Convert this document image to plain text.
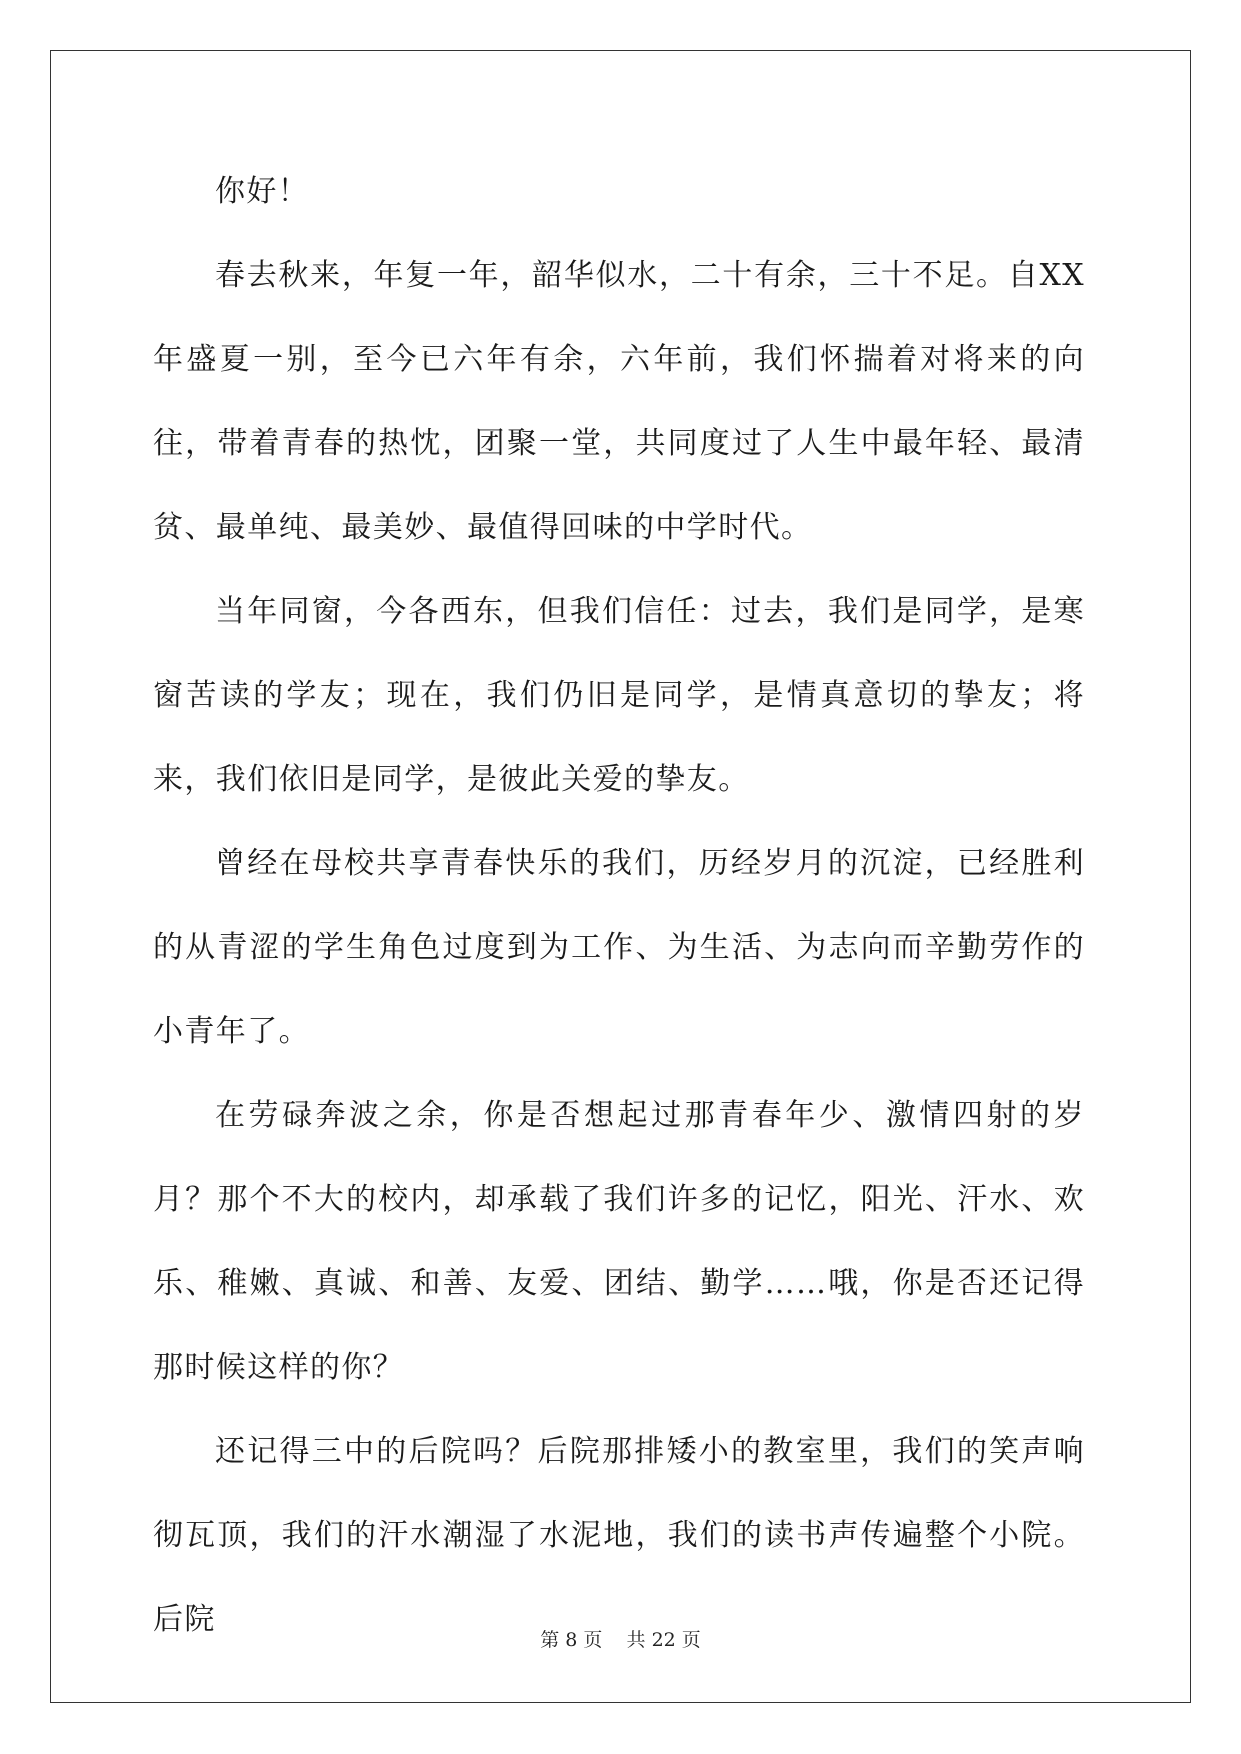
你好！

春去秋来，年复一年，韶华似水，二十有余，三十不足。自XX年盛夏一别，至今已六年有余，六年前，我们怀揣着对将来的向往，带着青春的热忱，团聚一堂，共同度过了人生中最年轻、最清贫、最单纯、最美妙、最值得回味的中学时代。

当年同窗，今各西东，但我们信任：过去，我们是同学，是寒窗苦读的学友；现在，我们仍旧是同学，是情真意切的挚友；将来，我们依旧是同学，是彼此关爱的挚友。

曾经在母校共享青春快乐的我们，历经岁月的沉淀，已经胜利的从青涩的学生角色过度到为工作、为生活、为志向而辛勤劳作的小青年了。

在劳碌奔波之余，你是否想起过那青春年少、激情四射的岁月？那个不大的校内，却承载了我们许多的记忆，阳光、汗水、欢乐、稚嫩、真诚、和善、友爱、团结、勤学……哦，你是否还记得那时候这样的你？

还记得三中的后院吗？后院那排矮小的教室里，我们的笑声响彻瓦顶，我们的汗水潮湿了水泥地，我们的读书声传遍整个小院。后院

第 8 页    共 22 页
